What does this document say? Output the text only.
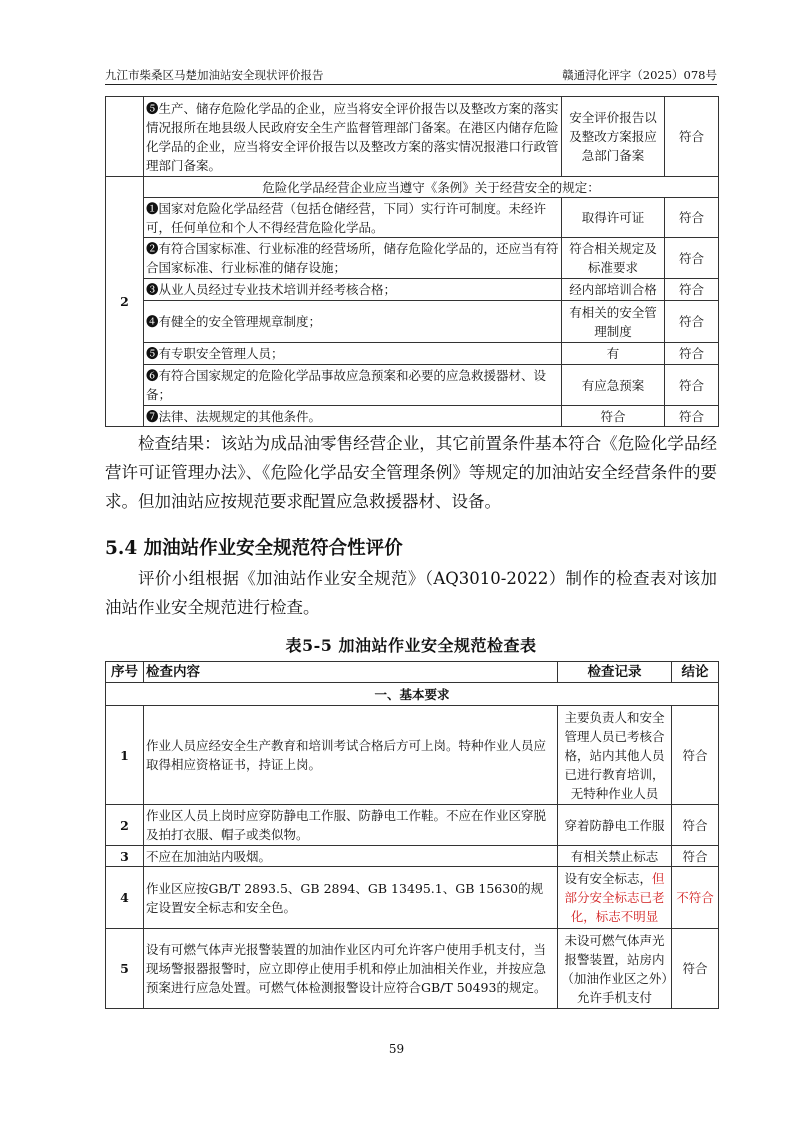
九江市柴桑区马楚加油站安全现状评价报告	赣通浔化评字（2025）078号
	❺生产、储存危险化学品的企业，应当将安全评价报告以及整改方案的落实情况报所在地县级人民政府安全生产监督管理部门备案。在港区内储存危险化学品的企业，应当将安全评价报告以及整改方案的落实情况报港口行政管理部门备案。	安全评价报告以及整改方案报应急部门备案	符合
2	危险化学品经营企业应当遵守《条例》关于经营安全的规定：		
	❶国家对危险化学品经营（包括仓储经营，下同）实行许可制度。未经许可，任何单位和个人不得经营危险化学品。	取得许可证	符合
	❷有符合国家标准、行业标准的经营场所，储存危险化学品的，还应当有符合国家标准、行业标准的储存设施；	符合相关规定及标准要求	符合
	❸从业人员经过专业技术培训并经考核合格；	经内部培训合格	符合
	❹有健全的安全管理规章制度；	有相关的安全管理制度	符合
	❺有专职安全管理人员；	有	符合
	❻有符合国家规定的危险化学品事故应急预案和必要的应急救援器材、设备；	有应急预案	符合
	❼法律、法规规定的其他条件。	符合	符合

检查结果：该站为成品油零售经营企业，其它前置条件基本符合《危险化学品经营许可证管理办法》、《危险化学品安全管理条例》等规定的加油站安全经营条件的要求。但加油站应按规范要求配置应急救援器材、设备。

5.4 加油站作业安全规范符合性评价

评价小组根据《加油站作业安全规范》（AQ3010-2022）制作的检查表对该加油站作业安全规范进行检查。

表5-5 加油站作业安全规范检查表

序号	检查内容	检查记录	结论
一、基本要求			
1	作业人员应经安全生产教育和培训考试合格后方可上岗。特种作业人员应取得相应资格证书，持证上岗。	主要负责人和安全管理人员已考核合格，站内其他人员已进行教育培训，无特种作业人员	符合
2	作业区人员上岗时应穿防静电工作服、防静电工作鞋。不应在作业区穿脱及拍打衣服、帽子或类似物。	穿着防静电工作服	符合
3	不应在加油站内吸烟。	有相关禁止标志	符合
4	作业区应按GB/T 2893.5、GB 2894、GB 13495.1、GB 15630的规定设置安全标志和安全色。	设有安全标志，但部分安全标志已老化，标志不明显	不符合
5	设有可燃气体声光报警装置的加油作业区内可允许客户使用手机支付，当现场警报器报警时，应立即停止使用手机和停止加油相关作业，并按应急预案进行应急处置。可燃气体检测报警设计应符合GB/T 50493的规定。	未设可燃气体声光报警装置，站房内（加油作业区之外）允许手机支付	符合
59
